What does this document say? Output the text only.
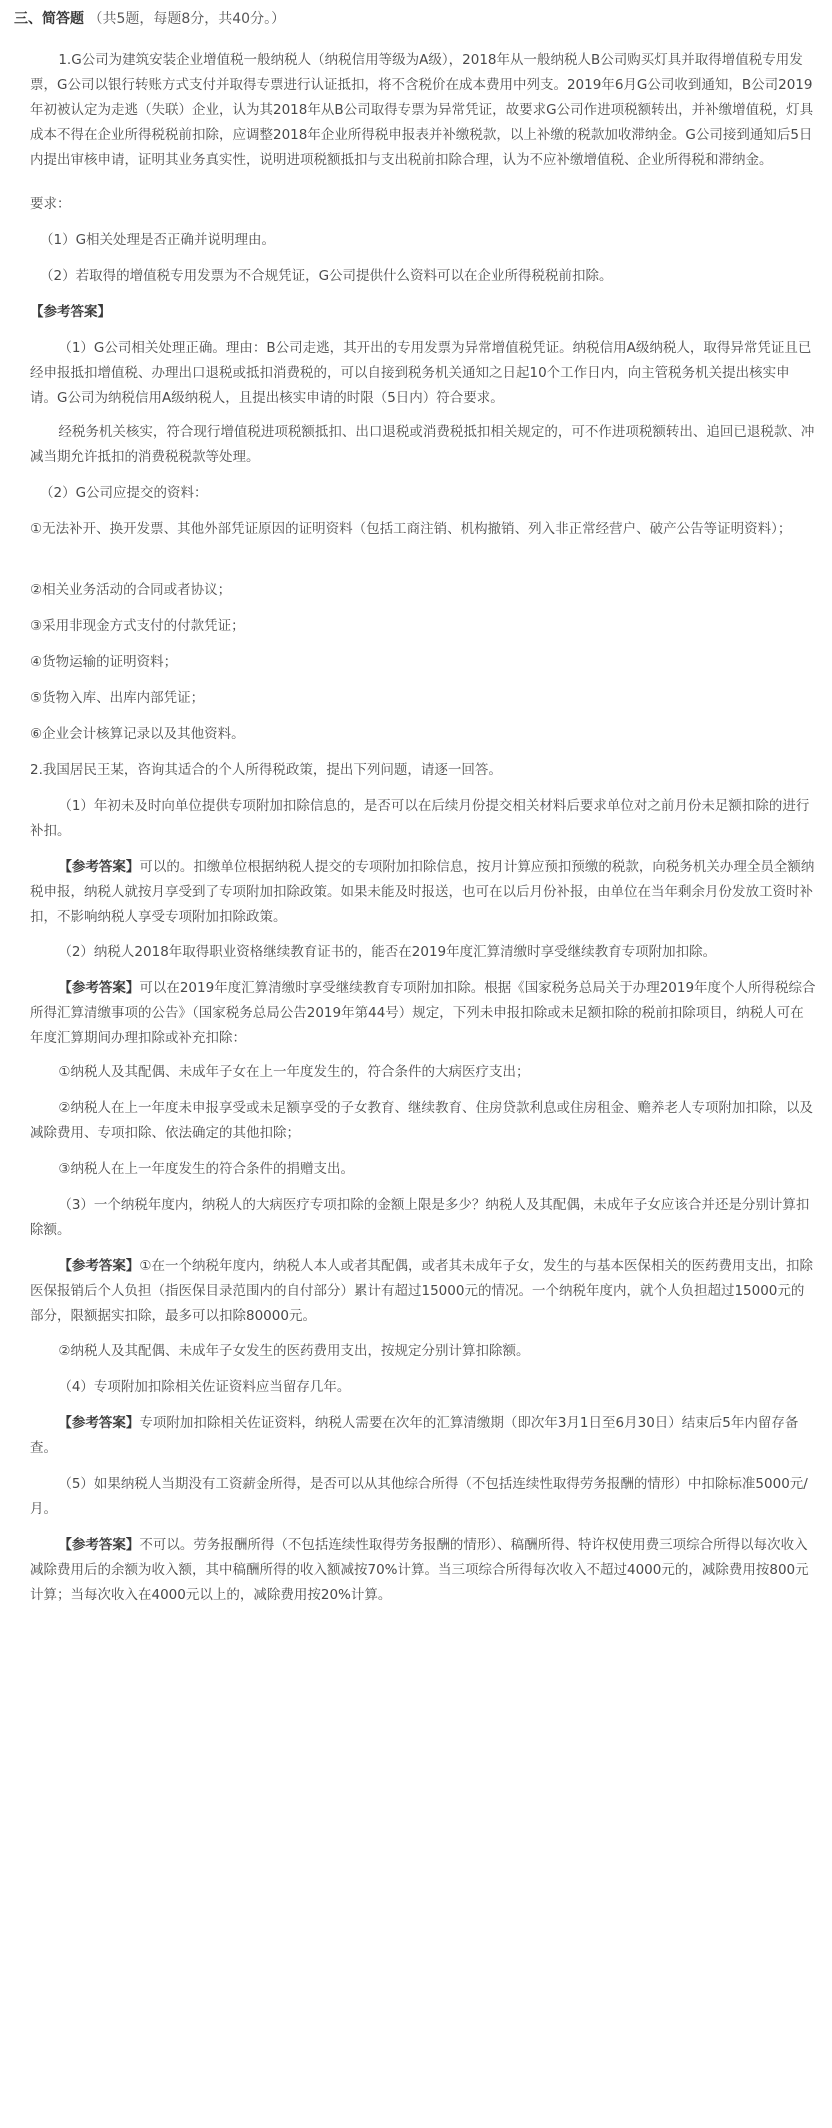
三、简答题 （共5题，每题8分，共40分。）

1.G公司为建筑安装企业增值税一般纳税人（纳税信用等级为A级），2018年从一般纳税人B公司购买灯具并取得增值税专用发票，G公司以银行转账方式支付并取得专票进行认证抵扣，将不含税价在成本费用中列支。2019年6月G公司收到通知，B公司2019年初被认定为走逃（失联）企业，认为其2018年从B公司取得专票为异常凭证，故要求G公司作进项税额转出，并补缴增值税，灯具成本不得在企业所得税税前扣除，应调整2018年企业所得税申报表并补缴税款，以上补缴的税款加收滞纳金。G公司接到通知后5日内提出审核申请，证明其业务真实性，说明进项税额抵扣与支出税前扣除合理，认为不应补缴增值税、企业所得税和滞纳金。

要求：

（1）G相关处理是否正确并说明理由。

（2）若取得的增值税专用发票为不合规凭证，G公司提供什么资料可以在企业所得税税前扣除。

【参考答案】

（1）G公司相关处理正确。理由：B公司走逃，其开出的专用发票为异常增值税凭证。纳税信用A级纳税人，取得异常凭证且已经申报抵扣增值税、办理出口退税或抵扣消费税的，可以自接到税务机关通知之日起10个工作日内，向主管税务机关提出核实申请。G公司为纳税信用A级纳税人，且提出核实申请的时限（5日内）符合要求。

经税务机关核实，符合现行增值税进项税额抵扣、出口退税或消费税抵扣相关规定的，可不作进项税额转出、追回已退税款、冲减当期允许抵扣的消费税税款等处理。

（2）G公司应提交的资料：

①无法补开、换开发票、其他外部凭证原因的证明资料（包括工商注销、机构撤销、列入非正常经营户、破产公告等证明资料）；

②相关业务活动的合同或者协议；

③采用非现金方式支付的付款凭证；

④货物运输的证明资料；

⑤货物入库、出库内部凭证；

⑥企业会计核算记录以及其他资料。

2.我国居民王某，咨询其适合的个人所得税政策，提出下列问题，请逐一回答。

（1）年初未及时向单位提供专项附加扣除信息的，是否可以在后续月份提交相关材料后要求单位对之前月份未足额扣除的进行补扣。

【参考答案】可以的。扣缴单位根据纳税人提交的专项附加扣除信息，按月计算应预扣预缴的税款，向税务机关办理全员全额纳税申报，纳税人就按月享受到了专项附加扣除政策。如果未能及时报送，也可在以后月份补报，由单位在当年剩余月份发放工资时补扣，不影响纳税人享受专项附加扣除政策。

（2）纳税人2018年取得职业资格继续教育证书的，能否在2019年度汇算清缴时享受继续教育专项附加扣除。

【参考答案】可以在2019年度汇算清缴时享受继续教育专项附加扣除。根据《国家税务总局关于办理2019年度个人所得税综合所得汇算清缴事项的公告》（国家税务总局公告2019年第44号）规定，下列未申报扣除或未足额扣除的税前扣除项目，纳税人可在年度汇算期间办理扣除或补充扣除：

①纳税人及其配偶、未成年子女在上一年度发生的，符合条件的大病医疗支出；

②纳税人在上一年度未申报享受或未足额享受的子女教育、继续教育、住房贷款利息或住房租金、赡养老人专项附加扣除，以及减除费用、专项扣除、依法确定的其他扣除；

③纳税人在上一年度发生的符合条件的捐赠支出。

（3）一个纳税年度内，纳税人的大病医疗专项扣除的金额上限是多少？纳税人及其配偶，未成年子女应该合并还是分别计算扣除额。

【参考答案】①在一个纳税年度内，纳税人本人或者其配偶，或者其未成年子女，发生的与基本医保相关的医药费用支出，扣除医保报销后个人负担（指医保目录范围内的自付部分）累计有超过15000元的情况。一个纳税年度内，就个人负担超过15000元的部分，限额据实扣除，最多可以扣除80000元。

②纳税人及其配偶、未成年子女发生的医药费用支出，按规定分别计算扣除额。

（4）专项附加扣除相关佐证资料应当留存几年。

【参考答案】专项附加扣除相关佐证资料，纳税人需要在次年的汇算清缴期（即次年3月1日至6月30日）结束后5年内留存备查。

（5）如果纳税人当期没有工资薪金所得，是否可以从其他综合所得（不包括连续性取得劳务报酬的情形）中扣除标准5000元/月。

【参考答案】不可以。劳务报酬所得（不包括连续性取得劳务报酬的情形）、稿酬所得、特许权使用费三项综合所得以每次收入减除费用后的余额为收入额，其中稿酬所得的收入额减按70%计算。当三项综合所得每次收入不超过4000元的，减除费用按800元计算；当每次收入在4000元以上的，减除费用按20%计算。
